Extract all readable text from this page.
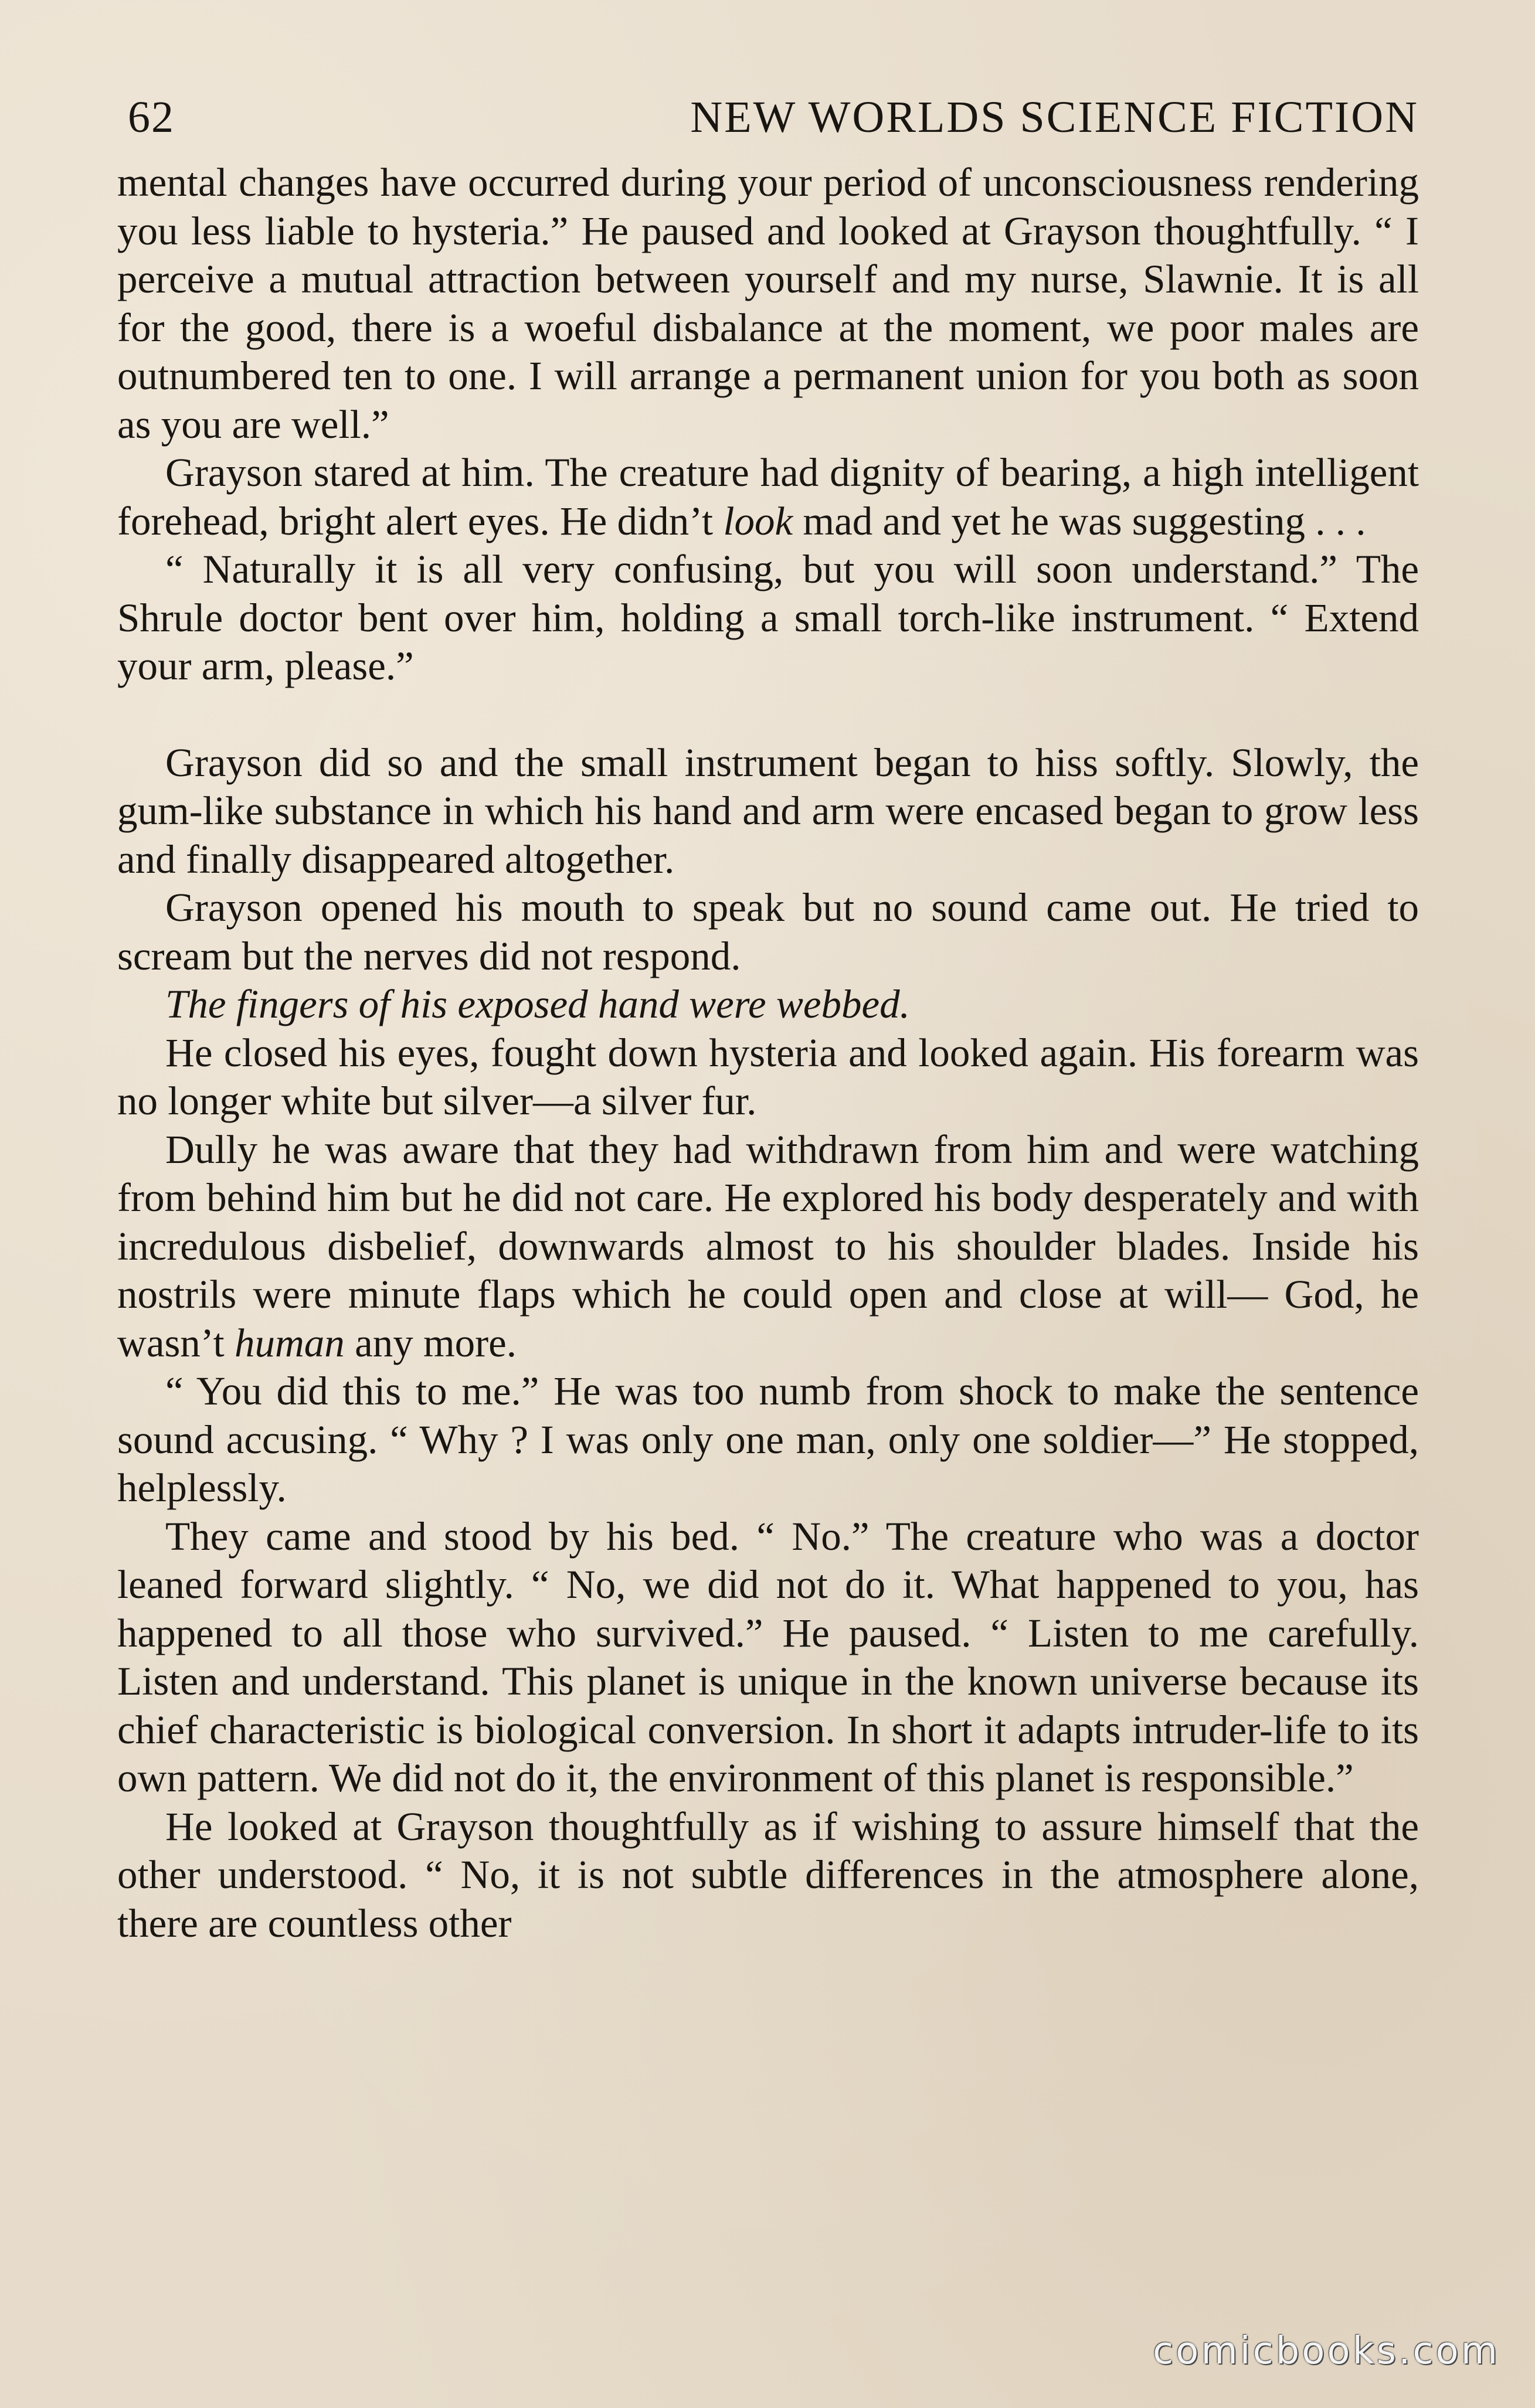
62	NEW WORLDS SCIENCE FICTION

mental changes have occurred during your period of unconsciousness rendering you less liable to hysteria.” He paused and looked at Grayson thoughtfully. “ I perceive a mutual attraction between yourself and my nurse, Slawnie. It is all for the good, there is a woeful disbalance at the moment, we poor males are outnumbered ten to one. I will arrange a permanent union for you both as soon as you are well.”

Grayson stared at him. The creature had dignity of bearing, a high intelligent forehead, bright alert eyes. He didn’t look mad and yet he was suggesting . . .

“ Naturally it is all very confusing, but you will soon understand.” The Shrule doctor bent over him, holding a small torch-like instrument. “ Extend your arm, please.”

Grayson did so and the small instrument began to hiss softly. Slowly, the gum-like substance in which his hand and arm were encased began to grow less and finally disappeared altogether.

Grayson opened his mouth to speak but no sound came out. He tried to scream but the nerves did not respond.

The fingers of his exposed hand were webbed.

He closed his eyes, fought down hysteria and looked again. His forearm was no longer white but silver—a silver fur.

Dully he was aware that they had withdrawn from him and were watching from behind him but he did not care. He explored his body desperately and with incredulous disbelief, downwards almost to his shoulder blades. Inside his nostrils were minute flaps which he could open and close at will— God, he wasn’t human any more.

“ You did this to me.” He was too numb from shock to make the sentence sound accusing. “ Why ? I was only one man, only one soldier—” He stopped, helplessly.

They came and stood by his bed. “ No.” The creature who was a doctor leaned forward slightly. “ No, we did not do it. What happened to you, has happened to all those who survived.” He paused. “ Listen to me carefully. Listen and understand. This planet is unique in the known universe because its chief characteristic is biological conversion. In short it adapts intruder-life to its own pattern. We did not do it, the environment of this planet is responsible.”

He looked at Grayson thoughtfully as if wishing to assure himself that the other understood. “ No, it is not subtle differences in the atmosphere alone, there are countless other

comicbooks.com
